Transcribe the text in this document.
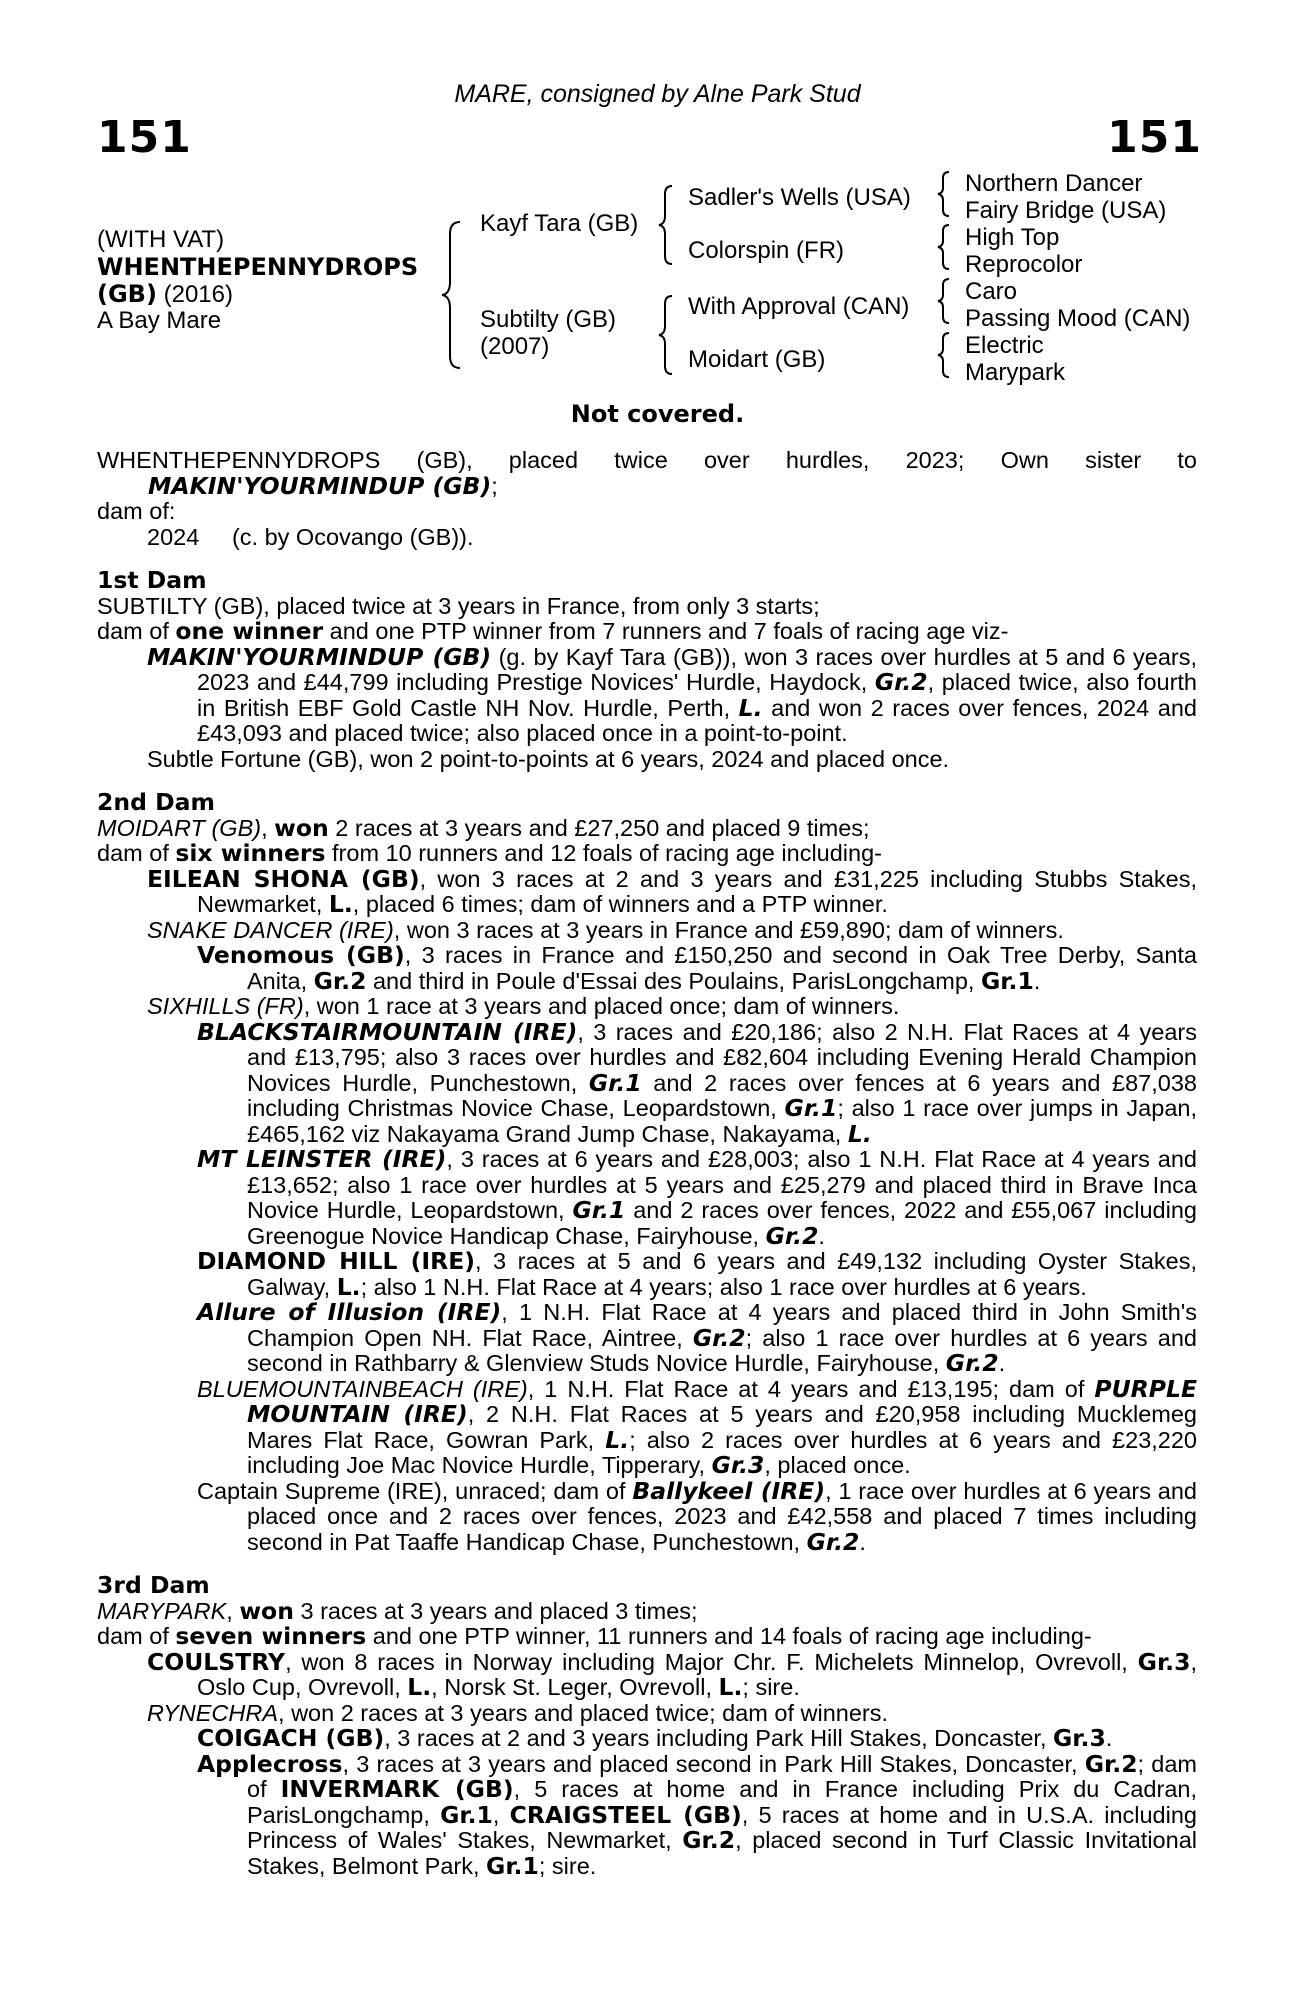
MARE, consigned by Alne Park Stud
151	151
(WITH VAT)
WHENTHEPENNYDROPS
(GB) (2016)
A Bay Mare
Kayf Tara (GB)
Subtilty (GB)
(2007)
Sadler's Wells (USA)
Colorspin (FR)
With Approval (CAN)
Moidart (GB)
Northern Dancer
Fairy Bridge (USA)
High Top
Reprocolor
Caro
Passing Mood (CAN)
Electric
Marypark
Not covered.

WHENTHEPENNYDROPS (GB), placed twice over hurdles, 2023; Own sister to

MAKIN'YOURMINDUP (GB);

dam of:

2024 (c. by Ocovango (GB)).

1st Dam

SUBTILTY (GB), placed twice at 3 years in France, from only 3 starts;

dam of one winner and one PTP winner from 7 runners and 7 foals of racing age viz-

MAKIN'YOURMINDUP (GB) (g. by Kayf Tara (GB)), won 3 races over hurdles at 5 and 6 years, 2023 and £44,799 including Prestige Novices' Hurdle, Haydock, Gr.2, placed twice, also fourth in British EBF Gold Castle NH Nov. Hurdle, Perth, L. and won 2 races over fences, 2024 and £43,093 and placed twice; also placed once in a point-to-point.

Subtle Fortune (GB), won 2 point-to-points at 6 years, 2024 and placed once.

2nd Dam

MOIDART (GB), won 2 races at 3 years and £27,250 and placed 9 times;

dam of six winners from 10 runners and 12 foals of racing age including-

EILEAN SHONA (GB), won 3 races at 2 and 3 years and £31,225 including Stubbs Stakes, Newmarket, L., placed 6 times; dam of winners and a PTP winner.

SNAKE DANCER (IRE), won 3 races at 3 years in France and £59,890; dam of winners.

Venomous (GB), 3 races in France and £150,250 and second in Oak Tree Derby, Santa Anita, Gr.2 and third in Poule d'Essai des Poulains, ParisLongchamp, Gr.1.

SIXHILLS (FR), won 1 race at 3 years and placed once; dam of winners.

BLACKSTAIRMOUNTAIN (IRE), 3 races and £20,186; also 2 N.H. Flat Races at 4 years and £13,795; also 3 races over hurdles and £82,604 including Evening Herald Champion Novices Hurdle, Punchestown, Gr.1 and 2 races over fences at 6 years and £87,038 including Christmas Novice Chase, Leopardstown, Gr.1; also 1 race over jumps in Japan, £465,162 viz Nakayama Grand Jump Chase, Nakayama, L.

MT LEINSTER (IRE), 3 races at 6 years and £28,003; also 1 N.H. Flat Race at 4 years and £13,652; also 1 race over hurdles at 5 years and £25,279 and placed third in Brave Inca Novice Hurdle, Leopardstown, Gr.1 and 2 races over fences, 2022 and £55,067 including Greenogue Novice Handicap Chase, Fairyhouse, Gr.2.

DIAMOND HILL (IRE), 3 races at 5 and 6 years and £49,132 including Oyster Stakes, Galway, L.; also 1 N.H. Flat Race at 4 years; also 1 race over hurdles at 6 years.

Allure of Illusion (IRE), 1 N.H. Flat Race at 4 years and placed third in John Smith's Champion Open NH. Flat Race, Aintree, Gr.2; also 1 race over hurdles at 6 years and second in Rathbarry & Glenview Studs Novice Hurdle, Fairyhouse, Gr.2.

BLUEMOUNTAINBEACH (IRE), 1 N.H. Flat Race at 4 years and £13,195; dam of PURPLE MOUNTAIN (IRE), 2 N.H. Flat Races at 5 years and £20,958 including Mucklemeg Mares Flat Race, Gowran Park, L.; also 2 races over hurdles at 6 years and £23,220 including Joe Mac Novice Hurdle, Tipperary, Gr.3, placed once.

Captain Supreme (IRE), unraced; dam of Ballykeel (IRE), 1 race over hurdles at 6 years and placed once and 2 races over fences, 2023 and £42,558 and placed 7 times including second in Pat Taaffe Handicap Chase, Punchestown, Gr.2.

3rd Dam

MARYPARK, won 3 races at 3 years and placed 3 times;

dam of seven winners and one PTP winner, 11 runners and 14 foals of racing age including-

COULSTRY, won 8 races in Norway including Major Chr. F. Michelets Minnelop, Ovrevoll, Gr.3, Oslo Cup, Ovrevoll, L., Norsk St. Leger, Ovrevoll, L.; sire.

RYNECHRA, won 2 races at 3 years and placed twice; dam of winners.

COIGACH (GB), 3 races at 2 and 3 years including Park Hill Stakes, Doncaster, Gr.3.

Applecross, 3 races at 3 years and placed second in Park Hill Stakes, Doncaster, Gr.2; dam of INVERMARK (GB), 5 races at home and in France including Prix du Cadran, ParisLongchamp, Gr.1, CRAIGSTEEL (GB), 5 races at home and in U.S.A. including Princess of Wales' Stakes, Newmarket, Gr.2, placed second in Turf Classic Invitational Stakes, Belmont Park, Gr.1; sire.
